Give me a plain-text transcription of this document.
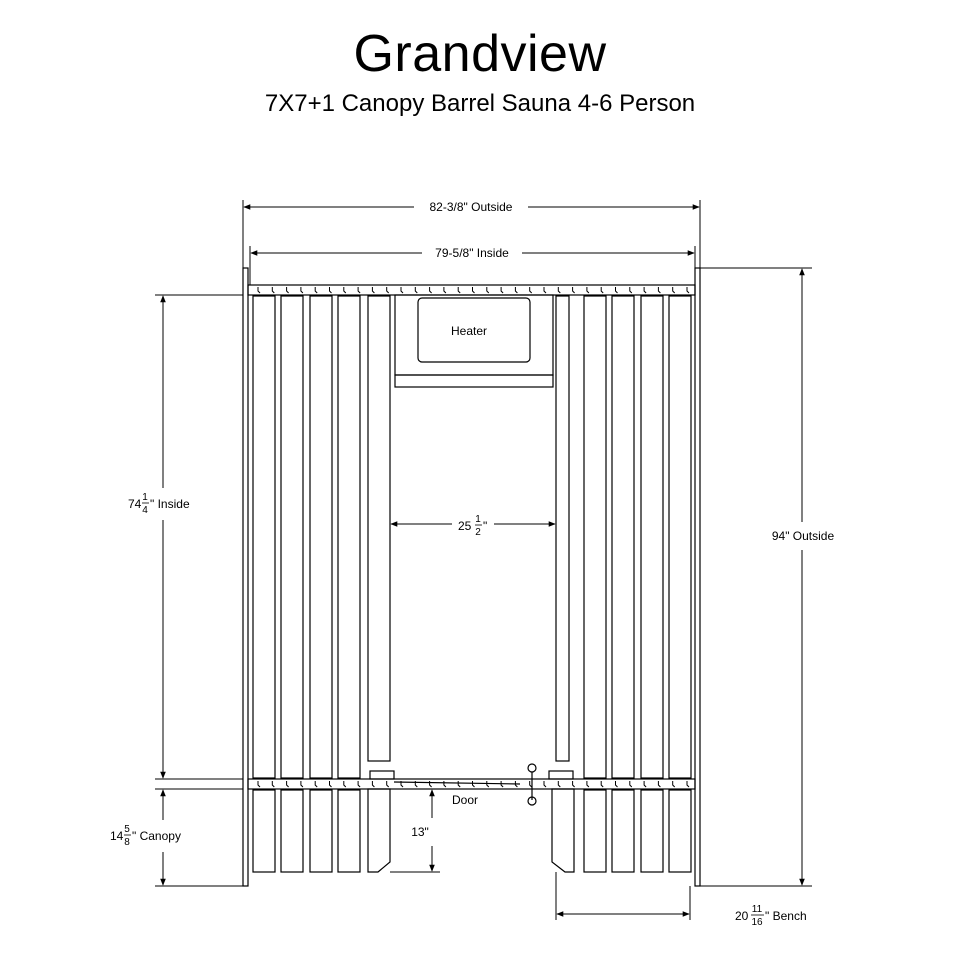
Grandview
7X7+1 Canopy Barrel Sauna 4-6 Person
Heater
Door
82-3/8" Outside
79-5/8" Inside
94" Outside
13"
74 1
4 " Inside
25 1
2 "
14 5
8 " Canopy
20 11
16 " Bench
